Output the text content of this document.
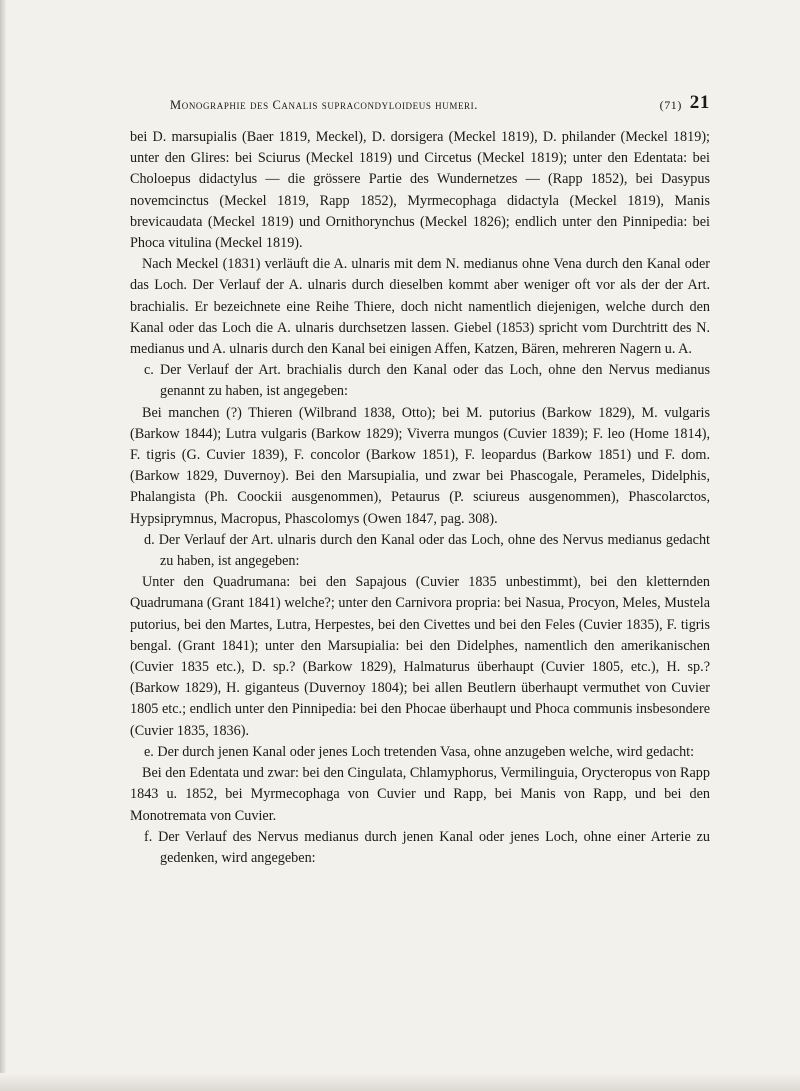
Monographie des Canalis supracondyloideus humeri.	(71) 21

bei D. marsupialis (Baer 1819, Meckel), D. dorsigera (Meckel 1819), D. philander (Meckel 1819); unter den Glires: bei Sciurus (Meckel 1819) und Circetus (Meckel 1819); unter den Edentata: bei Choloepus didactylus — die grössere Partie des Wundernetzes — (Rapp 1852), bei Dasypus novemcinctus (Meckel 1819, Rapp 1852), Myrmecophaga didactyla (Meckel 1819), Manis brevicaudata (Meckel 1819) und Ornithorynchus (Meckel 1826); endlich unter den Pinnipedia: bei Phoca vitulina (Meckel 1819).

Nach Meckel (1831) verläuft die A. ulnaris mit dem N. medianus ohne Vena durch den Kanal oder das Loch. Der Verlauf der A. ulnaris durch dieselben kommt aber weniger oft vor als der der Art. brachialis. Er bezeichnete eine Reihe Thiere, doch nicht namentlich diejenigen, welche durch den Kanal oder das Loch die A. ulnaris durchsetzen lassen. Giebel (1853) spricht vom Durchtritt des N. medianus und A. ulnaris durch den Kanal bei einigen Affen, Katzen, Bären, mehreren Nagern u. A.

c. Der Verlauf der Art. brachialis durch den Kanal oder das Loch, ohne den Nervus medianus genannt zu haben, ist angegeben:

Bei manchen (?) Thieren (Wilbrand 1838, Otto); bei M. putorius (Barkow 1829), M. vulgaris (Barkow 1844); Lutra vulgaris (Barkow 1829); Viverra mungos (Cuvier 1839); F. leo (Home 1814), F. tigris (G. Cuvier 1839), F. concolor (Barkow 1851), F. leopardus (Barkow 1851) und F. dom. (Barkow 1829, Duvernoy). Bei den Marsupialia, und zwar bei Phascogale, Perameles, Didelphis, Phalangista (Ph. Coockii ausgenommen), Petaurus (P. sciureus ausgenommen), Phascolarctos, Hypsiprymnus, Macropus, Phascolomys (Owen 1847, pag. 308).

d. Der Verlauf der Art. ulnaris durch den Kanal oder das Loch, ohne des Nervus medianus gedacht zu haben, ist angegeben:

Unter den Quadrumana: bei den Sapajous (Cuvier 1835 unbestimmt), bei den kletternden Quadrumana (Grant 1841) welche?; unter den Carnivora propria: bei Nasua, Procyon, Meles, Mustela putorius, bei den Martes, Lutra, Herpestes, bei den Civettes und bei den Feles (Cuvier 1835), F. tigris bengal. (Grant 1841); unter den Marsupialia: bei den Didelphes, namentlich den amerikanischen (Cuvier 1835 etc.), D. sp.? (Barkow 1829), Halmaturus überhaupt (Cuvier 1805, etc.), H. sp.? (Barkow 1829), H. giganteus (Duvernoy 1804); bei allen Beutlern überhaupt vermuthet von Cuvier 1805 etc.; endlich unter den Pinnipedia: bei den Phocae überhaupt und Phoca communis insbesondere (Cuvier 1835, 1836).

e. Der durch jenen Kanal oder jenes Loch tretenden Vasa, ohne anzugeben welche, wird gedacht:

Bei den Edentata und zwar: bei den Cingulata, Chlamyphorus, Vermilinguia, Orycteropus von Rapp 1843 u. 1852, bei Myrmecophaga von Cuvier und Rapp, bei Manis von Rapp, und bei den Monotremata von Cuvier.

f. Der Verlauf des Nervus medianus durch jenen Kanal oder jenes Loch, ohne einer Arterie zu gedenken, wird angegeben:
